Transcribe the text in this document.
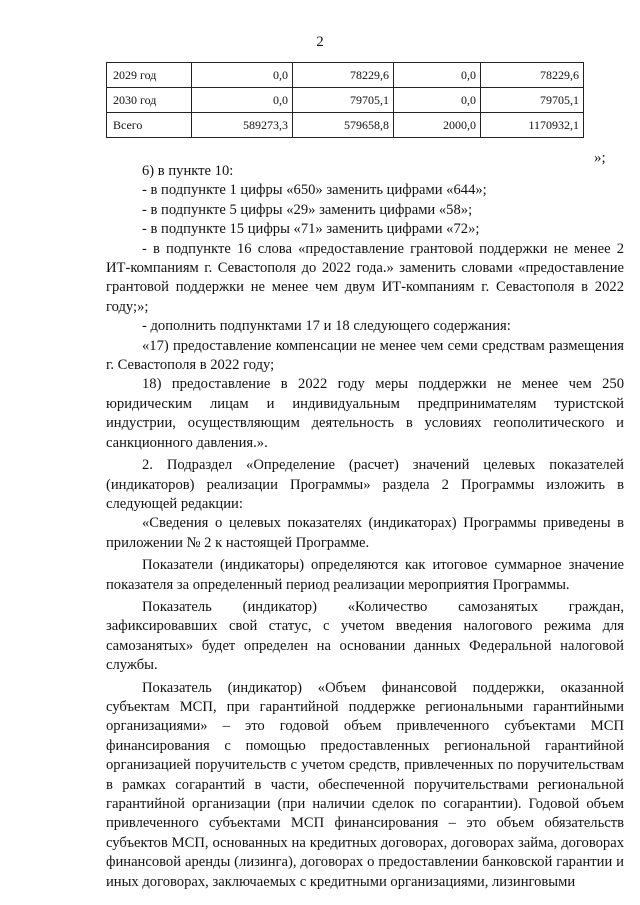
2
2029 год	0,0	78229,6	0,0	78229,6
2030 год	0,0	79705,1	0,0	79705,1
Всего	589273,3	579658,8	2000,0	1170932,1
»;

6) в пункте 10:

- в подпункте 1 цифры «650» заменить цифрами «644»;

- в подпункте 5 цифры «29» заменить цифрами «58»;

- в подпункте 15 цифры «71» заменить цифрами «72»;

- в подпункте 16 слова «предоставление грантовой поддержки не менее 2 ИТ-компаниям г. Севастополя до 2022 года.» заменить словами «предоставление грантовой поддержки не менее чем двум ИТ-компаниям г. Севастополя в 2022 году;»;

- дополнить подпунктами 17 и 18 следующего содержания:

«17) предоставление компенсации не менее чем семи средствам размещения г. Севастополя в 2022 году;

18) предоставление в 2022 году меры поддержки не менее чем 250 юридическим лицам и индивидуальным предпринимателям туристской индустрии, осуществляющим деятельность в условиях геополитического и санкционного давления.».

2. Подраздел «Определение (расчет) значений целевых показателей (индикаторов) реализации Программы» раздела 2 Программы изложить в следующей редакции:

«Сведения о целевых показателях (индикаторах) Программы приведены в приложении № 2 к настоящей Программе.

Показатели (индикаторы) определяются как итоговое суммарное значение показателя за определенный период реализации мероприятия Программы.

Показатель (индикатор) «Количество самозанятых граждан, зафиксировавших свой статус, с учетом введения налогового режима для самозанятых» будет определен на основании данных Федеральной налоговой службы.

Показатель (индикатор) «Объем финансовой поддержки, оказанной субъектам МСП, при гарантийной поддержке региональными гарантийными организациями» – это годовой объем привлеченного субъектами МСП финансирования с помощью предоставленных региональной гарантийной организацией поручительств с учетом средств, привлеченных по поручительствам в рамках согарантий в части, обеспеченной поручительствами региональной гарантийной организации (при наличии сделок по согарантии). Годовой объем привлеченного субъектами МСП финансирования – это объем обязательств субъектов МСП, основанных на кредитных договорах, договорах займа, договорах финансовой аренды (лизинга), договорах о предоставлении банковской гарантии и иных договорах, заключаемых с кредитными организациями, лизинговыми
